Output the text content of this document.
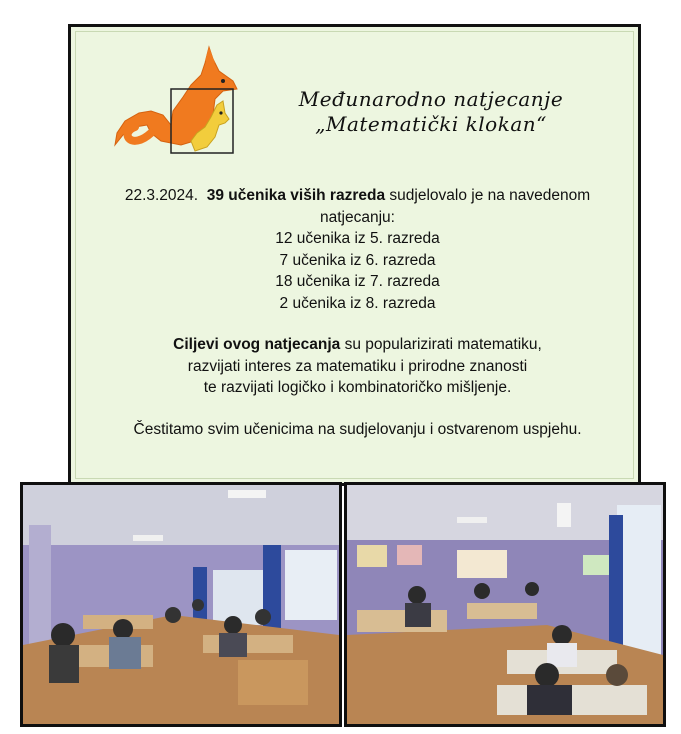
Međunarodno natjecanje
„Matematički klokan“
22.3.2024. 39 učenika viših razreda sudjelovalo je na navedenom natjecanju:
12 učenika iz 5. razreda
7 učenika iz 6. razreda
18 učenika iz 7. razreda
2 učenika iz 8. razreda
Ciljevi ovog natjecanja su popularizirati matematiku,
razvijati interes za matematiku i prirodne znanosti
te razvijati logičko i kombinatoričko mišljenje.
Čestitamo svim učenicima na sudjelovanju i ostvarenom uspjehu.
